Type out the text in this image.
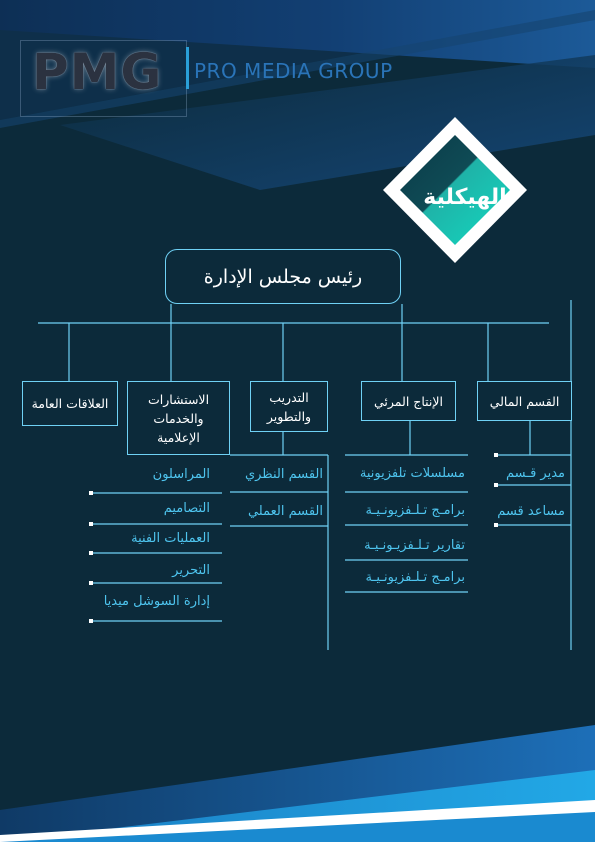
PMG	PRO MEDIA GROUP
الهيكلية
رئيس مجلس الإدارة
القسم المالي
الإنتاج المرئي
التدريب والتطوير
الاستشارات والخدمات الإعلامية
العلاقات العامة
مدير قـسم
مساعد قسم
مسلسلات تلفزيونية
برامـج تـلـفزيونـيـة
تقارير تـلـفزيـونـيـة
برامـج تـلـفزيونـيـة
القسم النظري
القسم العملي
المراسلون
التصاميم
العمليات الفنية
التحرير
إدارة السوشل ميديا
